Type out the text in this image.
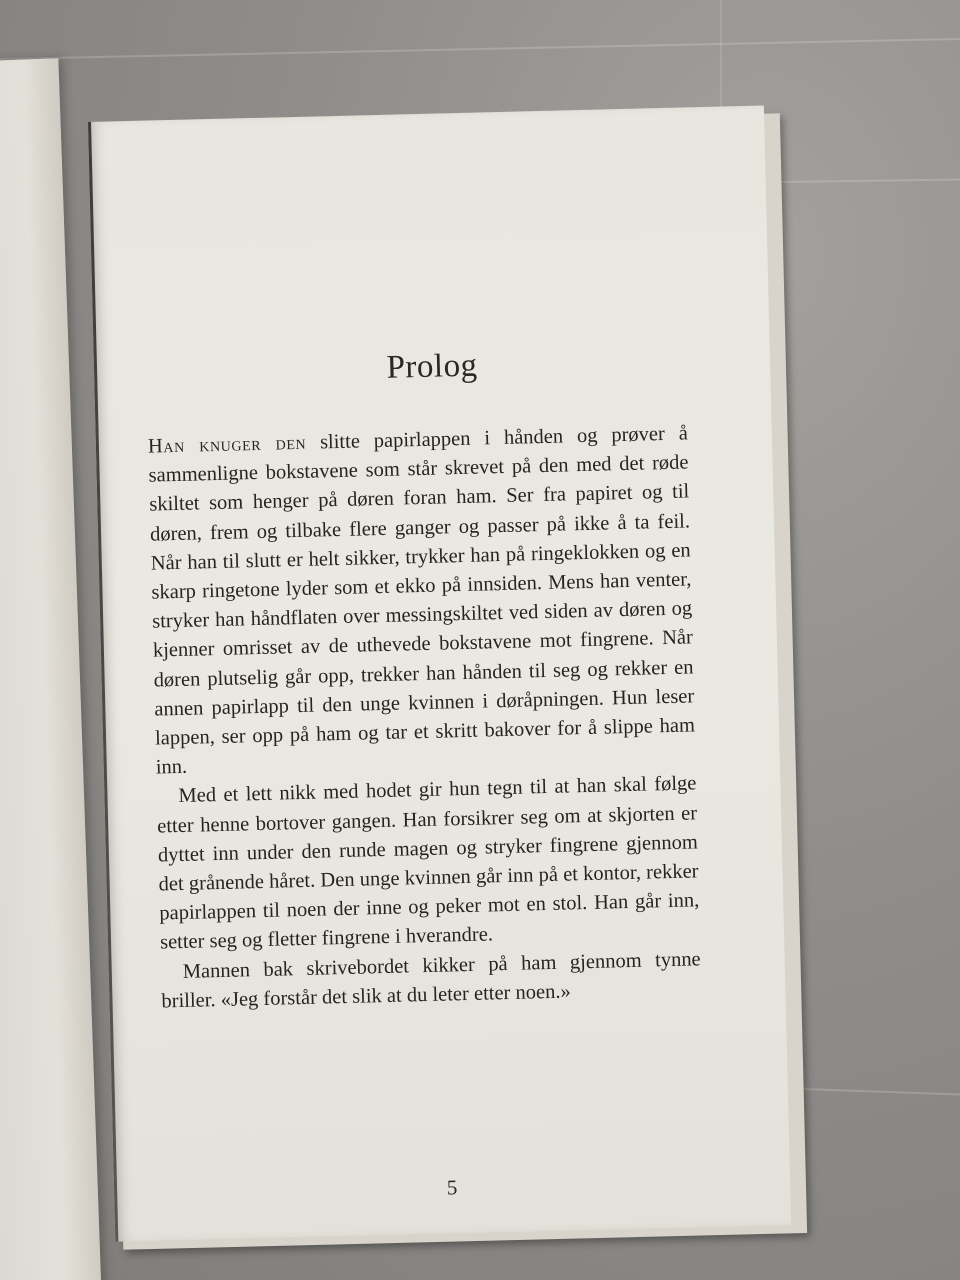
Prolog

Han knuger den slitte papirlappen i hånden og prøver å sammenligne bokstavene som står skrevet på den med det røde skiltet som henger på døren foran ham. Ser fra papiret og til døren, frem og tilbake flere ganger og passer på ikke å ta feil. Når han til slutt er helt sikker, trykker han på ringeklokken og en skarp ringetone lyder som et ekko på innsiden. Mens han venter, stryker han håndflaten over messingskiltet ved siden av døren og kjenner omrisset av de uthevede bokstavene mot fingrene. Når døren plutselig går opp, trekker han hånden til seg og rekker en annen papirlapp til den unge kvinnen i døråpningen. Hun leser lappen, ser opp på ham og tar et skritt bakover for å slippe ham inn.

Med et lett nikk med hodet gir hun tegn til at han skal følge etter henne bortover gangen. Han forsikrer seg om at skjorten er dyttet inn under den runde magen og stryker fingrene gjennom det grånende håret. Den unge kvinnen går inn på et kontor, rekker papirlappen til noen der inne og peker mot en stol. Han går inn, setter seg og fletter fingrene i hverandre.

Mannen bak skrivebordet kikker på ham gjennom tynne briller. «Jeg forstår det slik at du leter etter noen.»

5
